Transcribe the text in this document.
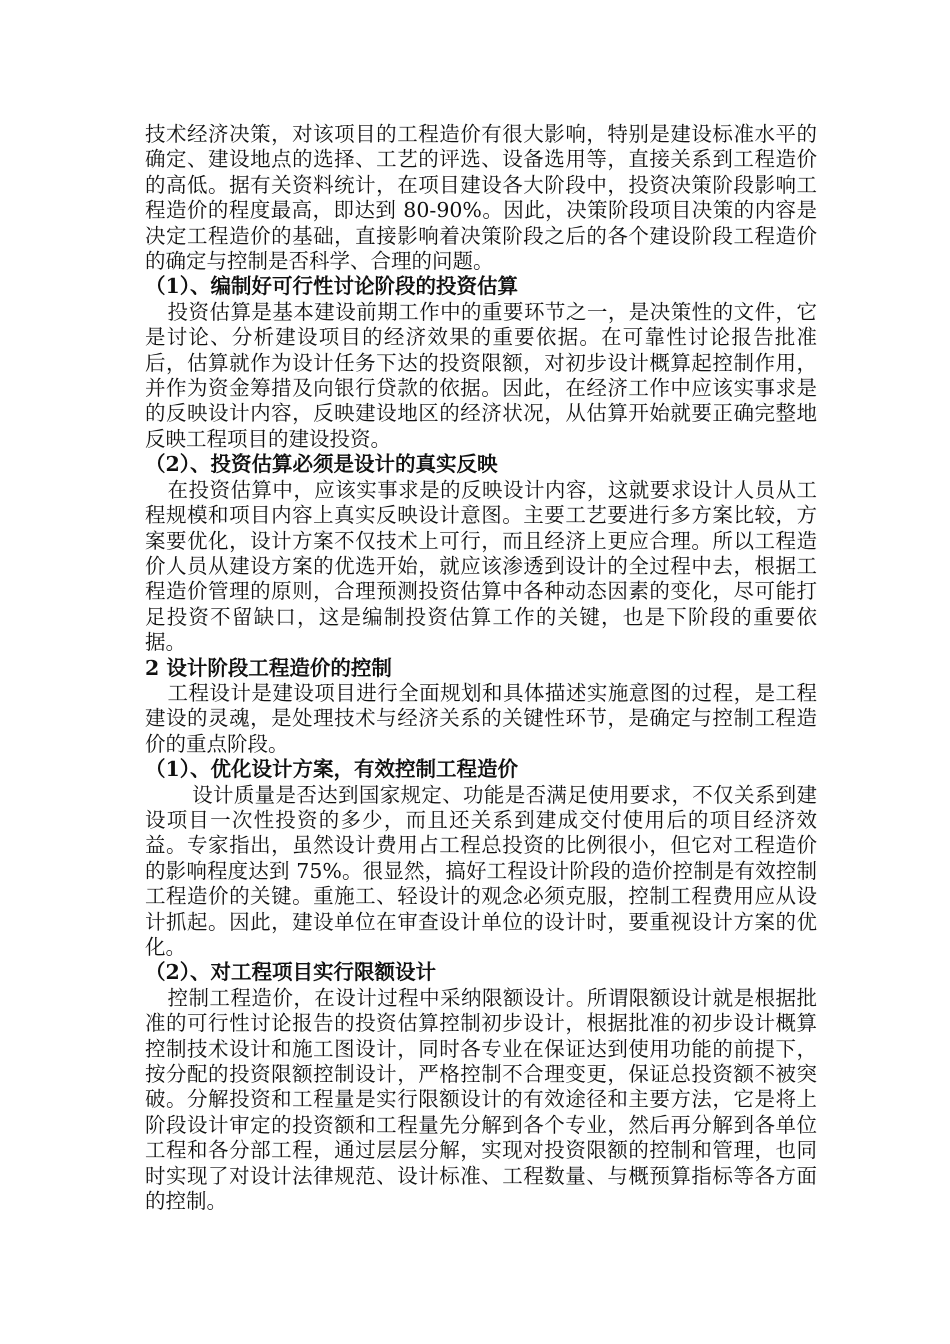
技术经济决策，对该项目的工程造价有很大影响，特别是建设标准水平的确定、建设地点的选择、工艺的评选、设备选用等，直接关系到工程造价的高低。据有关资料统计，在项目建设各大阶段中，投资决策阶段影响工程造价的程度最高，即达到 80-90%。因此，决策阶段项目决策的内容是决定工程造价的基础，直接影响着决策阶段之后的各个建设阶段工程造价的确定与控制是否科学、合理的问题。

（1）、编制好可行性讨论阶段的投资估算

投资估算是基本建设前期工作中的重要环节之一，是决策性的文件，它是讨论、分析建设项目的经济效果的重要依据。在可靠性讨论报告批准后，估算就作为设计任务下达的投资限额，对初步设计概算起控制作用，并作为资金筹措及向银行贷款的依据。因此，在经济工作中应该实事求是的反映设计内容，反映建设地区的经济状况，从估算开始就要正确完整地反映工程项目的建设投资。

（2）、投资估算必须是设计的真实反映

在投资估算中，应该实事求是的反映设计内容，这就要求设计人员从工程规模和项目内容上真实反映设计意图。主要工艺要进行多方案比较，方案要优化，设计方案不仅技术上可行，而且经济上更应合理。所以工程造价人员从建设方案的优选开始，就应该渗透到设计的全过程中去，根据工程造价管理的原则，合理预测投资估算中各种动态因素的变化，尽可能打足投资不留缺口，这是编制投资估算工作的关键，也是下阶段的重要依据。

2 设计阶段工程造价的控制

工程设计是建设项目进行全面规划和具体描述实施意图的过程，是工程建设的灵魂，是处理技术与经济关系的关键性环节，是确定与控制工程造价的重点阶段。

（1）、优化设计方案，有效控制工程造价

设计质量是否达到国家规定、功能是否满足使用要求，不仅关系到建设项目一次性投资的多少，而且还关系到建成交付使用后的项目经济效益。专家指出，虽然设计费用占工程总投资的比例很小，但它对工程造价的影响程度达到 75%。很显然，搞好工程设计阶段的造价控制是有效控制工程造价的关键。重施工、轻设计的观念必须克服，控制工程费用应从设计抓起。因此，建设单位在审查设计单位的设计时，要重视设计方案的优化。

（2）、对工程项目实行限额设计

控制工程造价，在设计过程中采纳限额设计。所谓限额设计就是根据批准的可行性讨论报告的投资估算控制初步设计，根据批准的初步设计概算控制技术设计和施工图设计，同时各专业在保证达到使用功能的前提下，按分配的投资限额控制设计，严格控制不合理变更，保证总投资额不被突破。分解投资和工程量是实行限额设计的有效途径和主要方法，它是将上阶段设计审定的投资额和工程量先分解到各个专业，然后再分解到各单位工程和各分部工程，通过层层分解，实现对投资限额的控制和管理，也同时实现了对设计法律规范、设计标准、工程数量、与概预算指标等各方面的控制。
